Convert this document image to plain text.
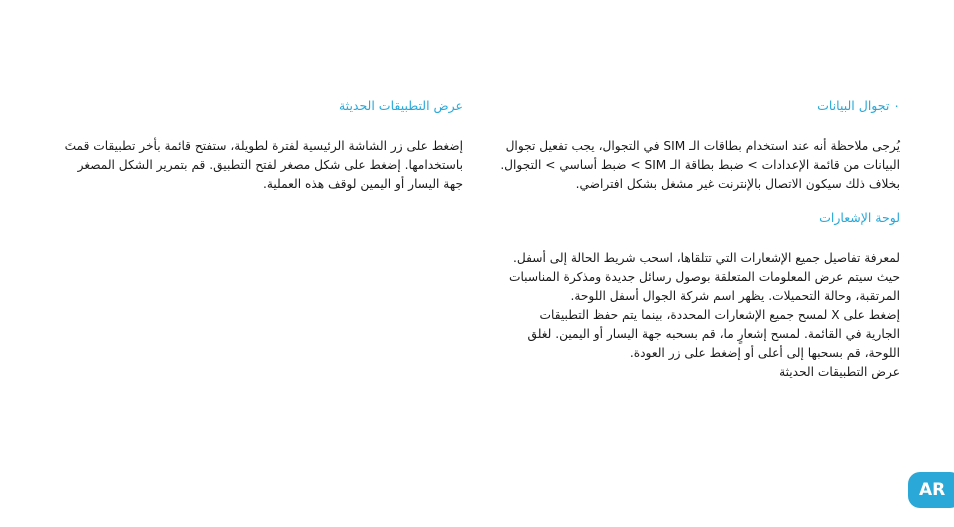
٠ تجوال البيانات

يُرجى ملاحظة أنه عند استخدام بطاقات الـ SIM في التجوال، يجب تفعيل تجوال
البيانات من قائمة الإعدادات > ضبط بطاقة الـ SIM > ضبط أساسي > التجوال.
بخلاف ذلك سيكون الاتصال بالإنترنت غير مشغل بشكل افتراضي.

لوحة الإشعارات

لمعرفة تفاصيل جميع الإشعارات التي تتلقاها، اسحب شريط الحالة إلى أسفل.
حيث سيتم عرض المعلومات المتعلقة بوصول رسائل جديدة ومذكرة المناسبات
المرتقبة، وحالة التحميلات. يظهر اسم شركة الجوال أسفل اللوحة.
إضغط على X لمسح جميع الإشعارات المحددة، بينما يتم حفظ التطبيقات
الجارية في القائمة. لمسح إشعارٍ ما، قم بسحبه جهة اليسار أو اليمين. لغلق
اللوحة، قم بسحبها إلى أعلى أو إضغط على زر العودة.
عرض التطبيقات الحديثة

عرض التطبيقات الحديثة

إضغط على زر الشاشة الرئيسية لفترة لطويلة، ستفتح قائمة بأخر تطبيقات قمتَ
باستخدامها. إضغط على شكل مصغر لفتح التطبيق. قم بتمرير الشكل المصغر
جهة اليسار أو اليمين لوقف هذه العملية.

AR
